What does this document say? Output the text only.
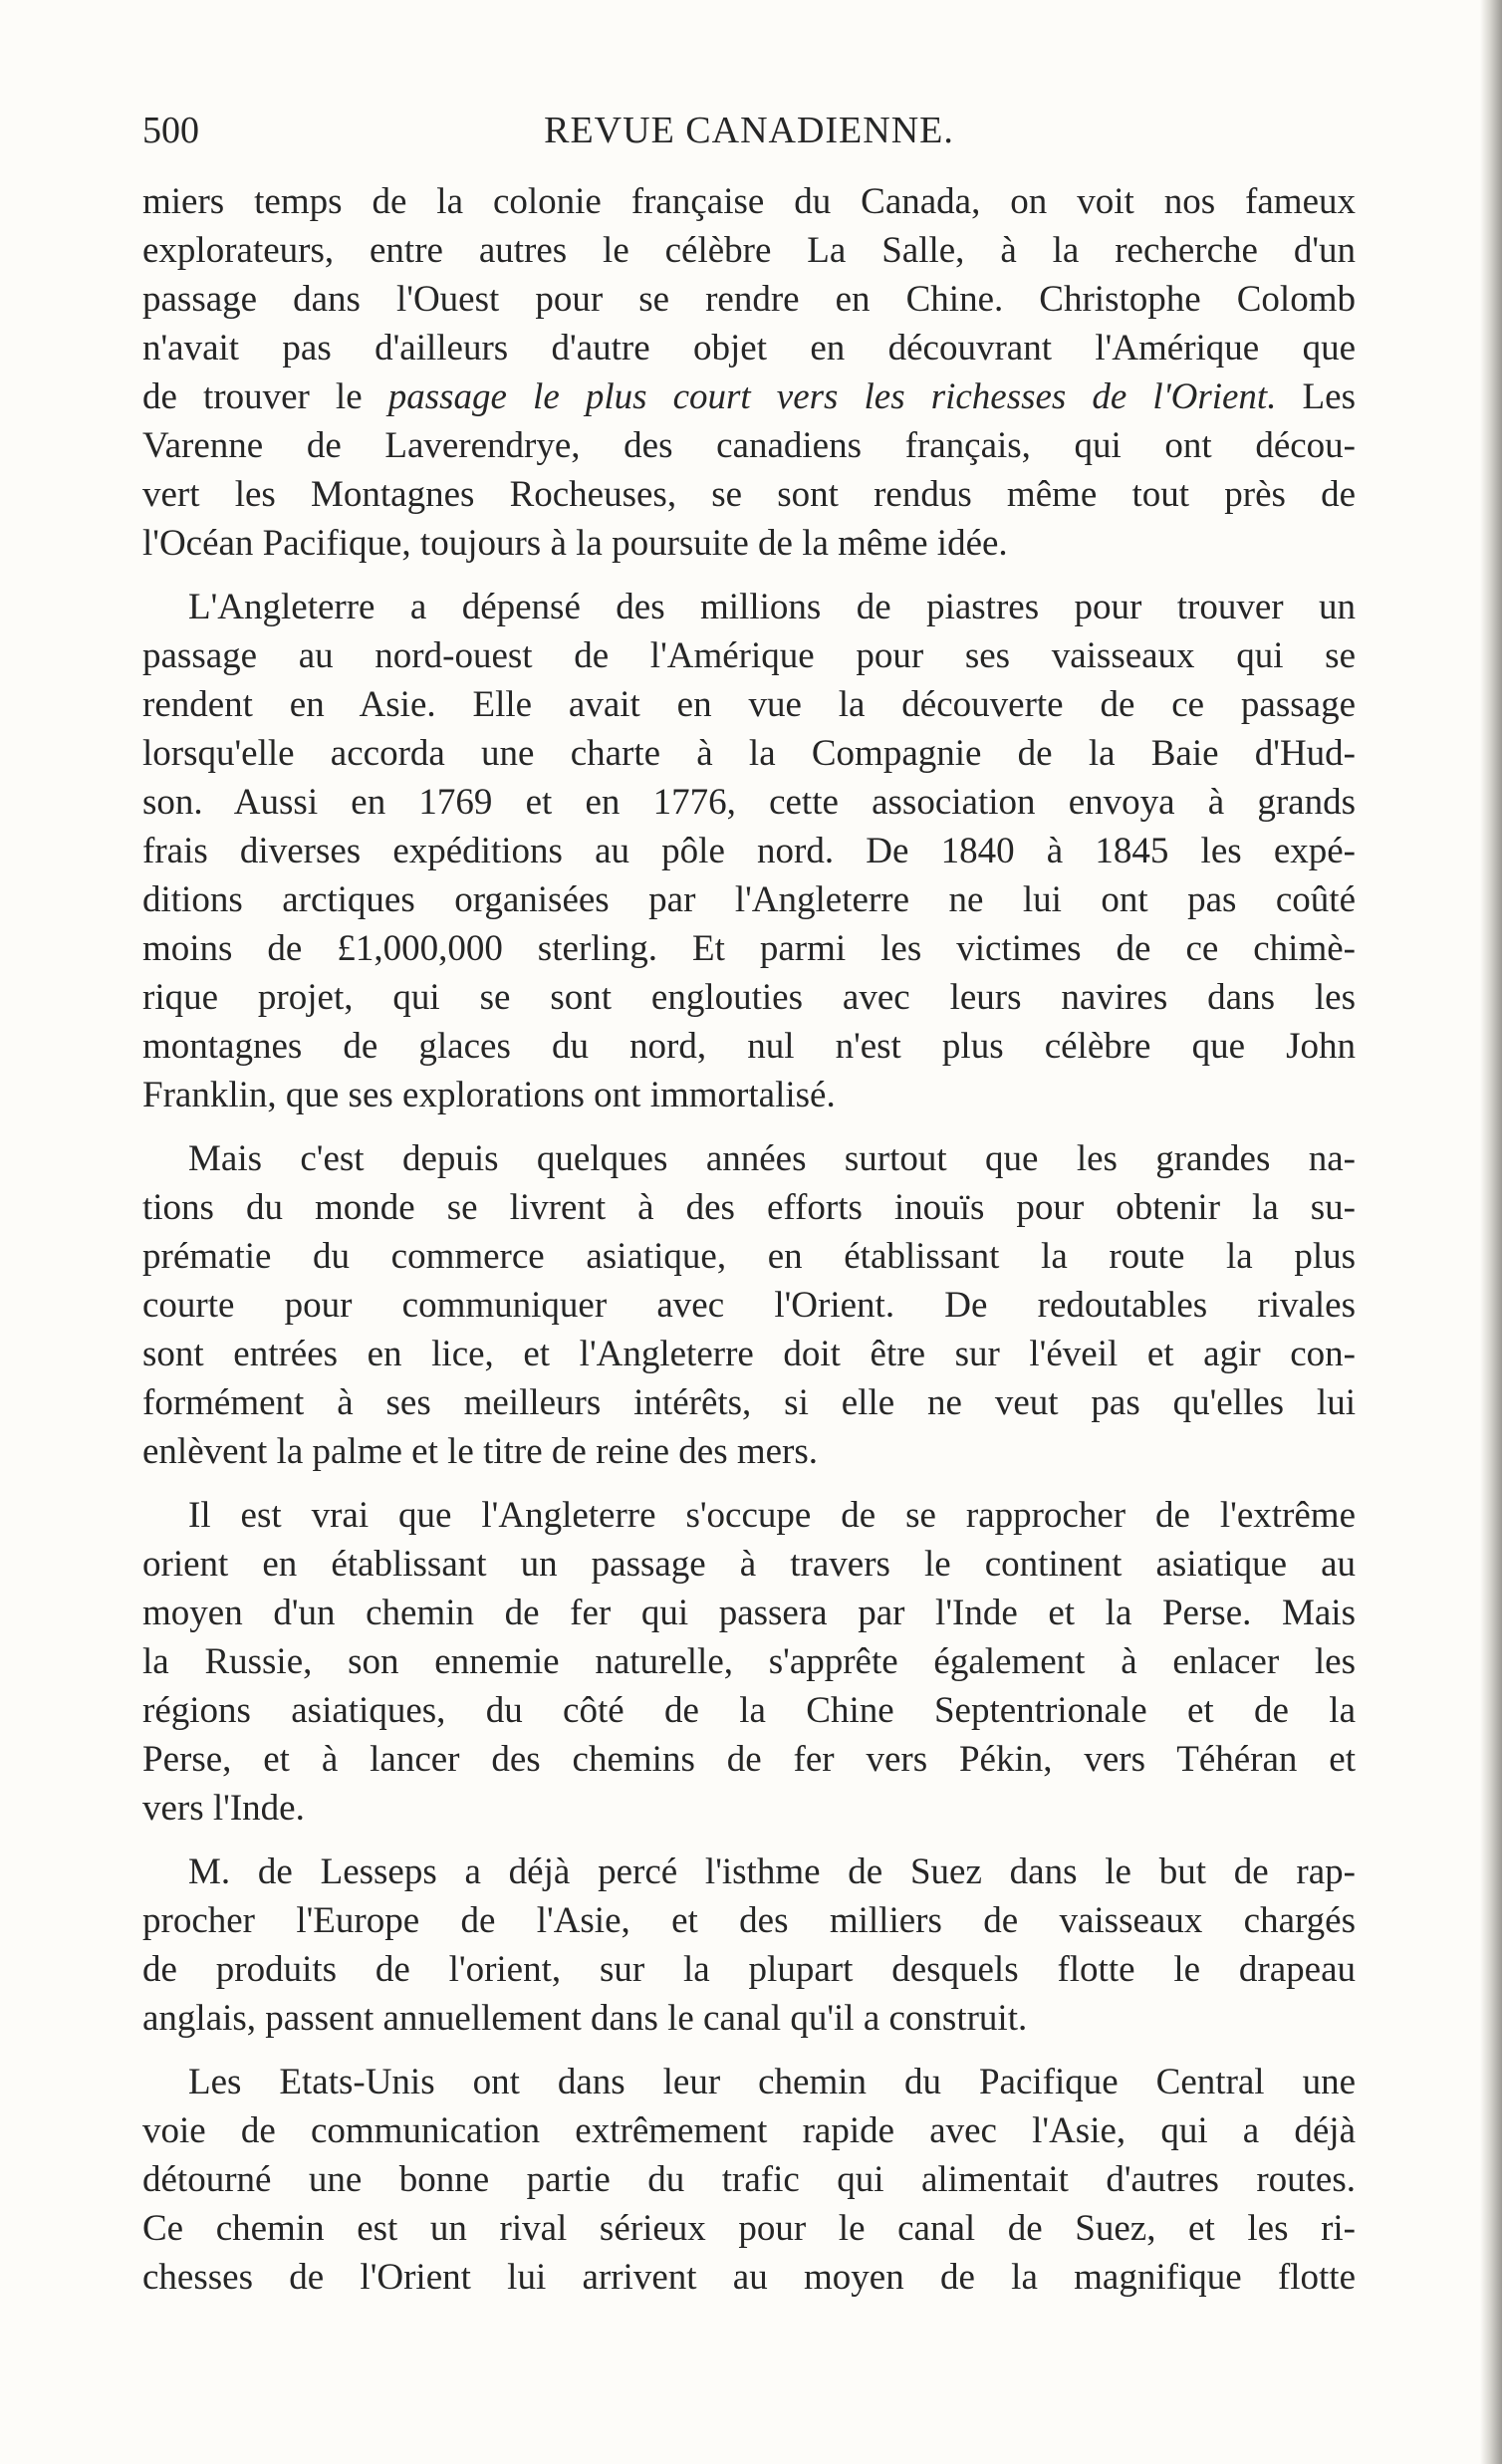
500	REVUE CANADIENNE.
miers temps de la colonie française du Canada, on voit nos fameux
explorateurs, entre autres le célèbre La Salle, à la recherche d'un
passage dans l'Ouest pour se rendre en Chine. Christophe Colomb
n'avait pas d'ailleurs d'autre objet en découvrant l'Amérique que
de trouver le passage le plus court vers les richesses de l'Orient. Les
Varenne de Laverendrye, des canadiens français, qui ont décou-
vert les Montagnes Rocheuses, se sont rendus même tout près de
l'Océan Pacifique, toujours à la poursuite de la même idée.
L'Angleterre a dépensé des millions de piastres pour trouver un
passage au nord-ouest de l'Amérique pour ses vaisseaux qui se
rendent en Asie. Elle avait en vue la découverte de ce passage
lorsqu'elle accorda une charte à la Compagnie de la Baie d'Hud-
son. Aussi en 1769 et en 1776, cette association envoya à grands
frais diverses expéditions au pôle nord. De 1840 à 1845 les expé-
ditions arctiques organisées par l'Angleterre ne lui ont pas coûté
moins de £1,000,000 sterling. Et parmi les victimes de ce chimè-
rique projet, qui se sont englouties avec leurs navires dans les
montagnes de glaces du nord, nul n'est plus célèbre que John
Franklin, que ses explorations ont immortalisé.
Mais c'est depuis quelques années surtout que les grandes na-
tions du monde se livrent à des efforts inouïs pour obtenir la su-
prématie du commerce asiatique, en établissant la route la plus
courte pour communiquer avec l'Orient. De redoutables rivales
sont entrées en lice, et l'Angleterre doit être sur l'éveil et agir con-
formément à ses meilleurs intérêts, si elle ne veut pas qu'elles lui
enlèvent la palme et le titre de reine des mers.
Il est vrai que l'Angleterre s'occupe de se rapprocher de l'extrême
orient en établissant un passage à travers le continent asiatique au
moyen d'un chemin de fer qui passera par l'Inde et la Perse. Mais
la Russie, son ennemie naturelle, s'apprête également à enlacer les
régions asiatiques, du côté de la Chine Septentrionale et de la
Perse, et à lancer des chemins de fer vers Pékin, vers Téhéran et
vers l'Inde.
M. de Lesseps a déjà percé l'isthme de Suez dans le but de rap-
procher l'Europe de l'Asie, et des milliers de vaisseaux chargés
de produits de l'orient, sur la plupart desquels flotte le drapeau
anglais, passent annuellement dans le canal qu'il a construit.
Les Etats-Unis ont dans leur chemin du Pacifique Central une
voie de communication extrêmement rapide avec l'Asie, qui a déjà
détourné une bonne partie du trafic qui alimentait d'autres routes.
Ce chemin est un rival sérieux pour le canal de Suez, et les ri-
chesses de l'Orient lui arrivent au moyen de la magnifique flotte
